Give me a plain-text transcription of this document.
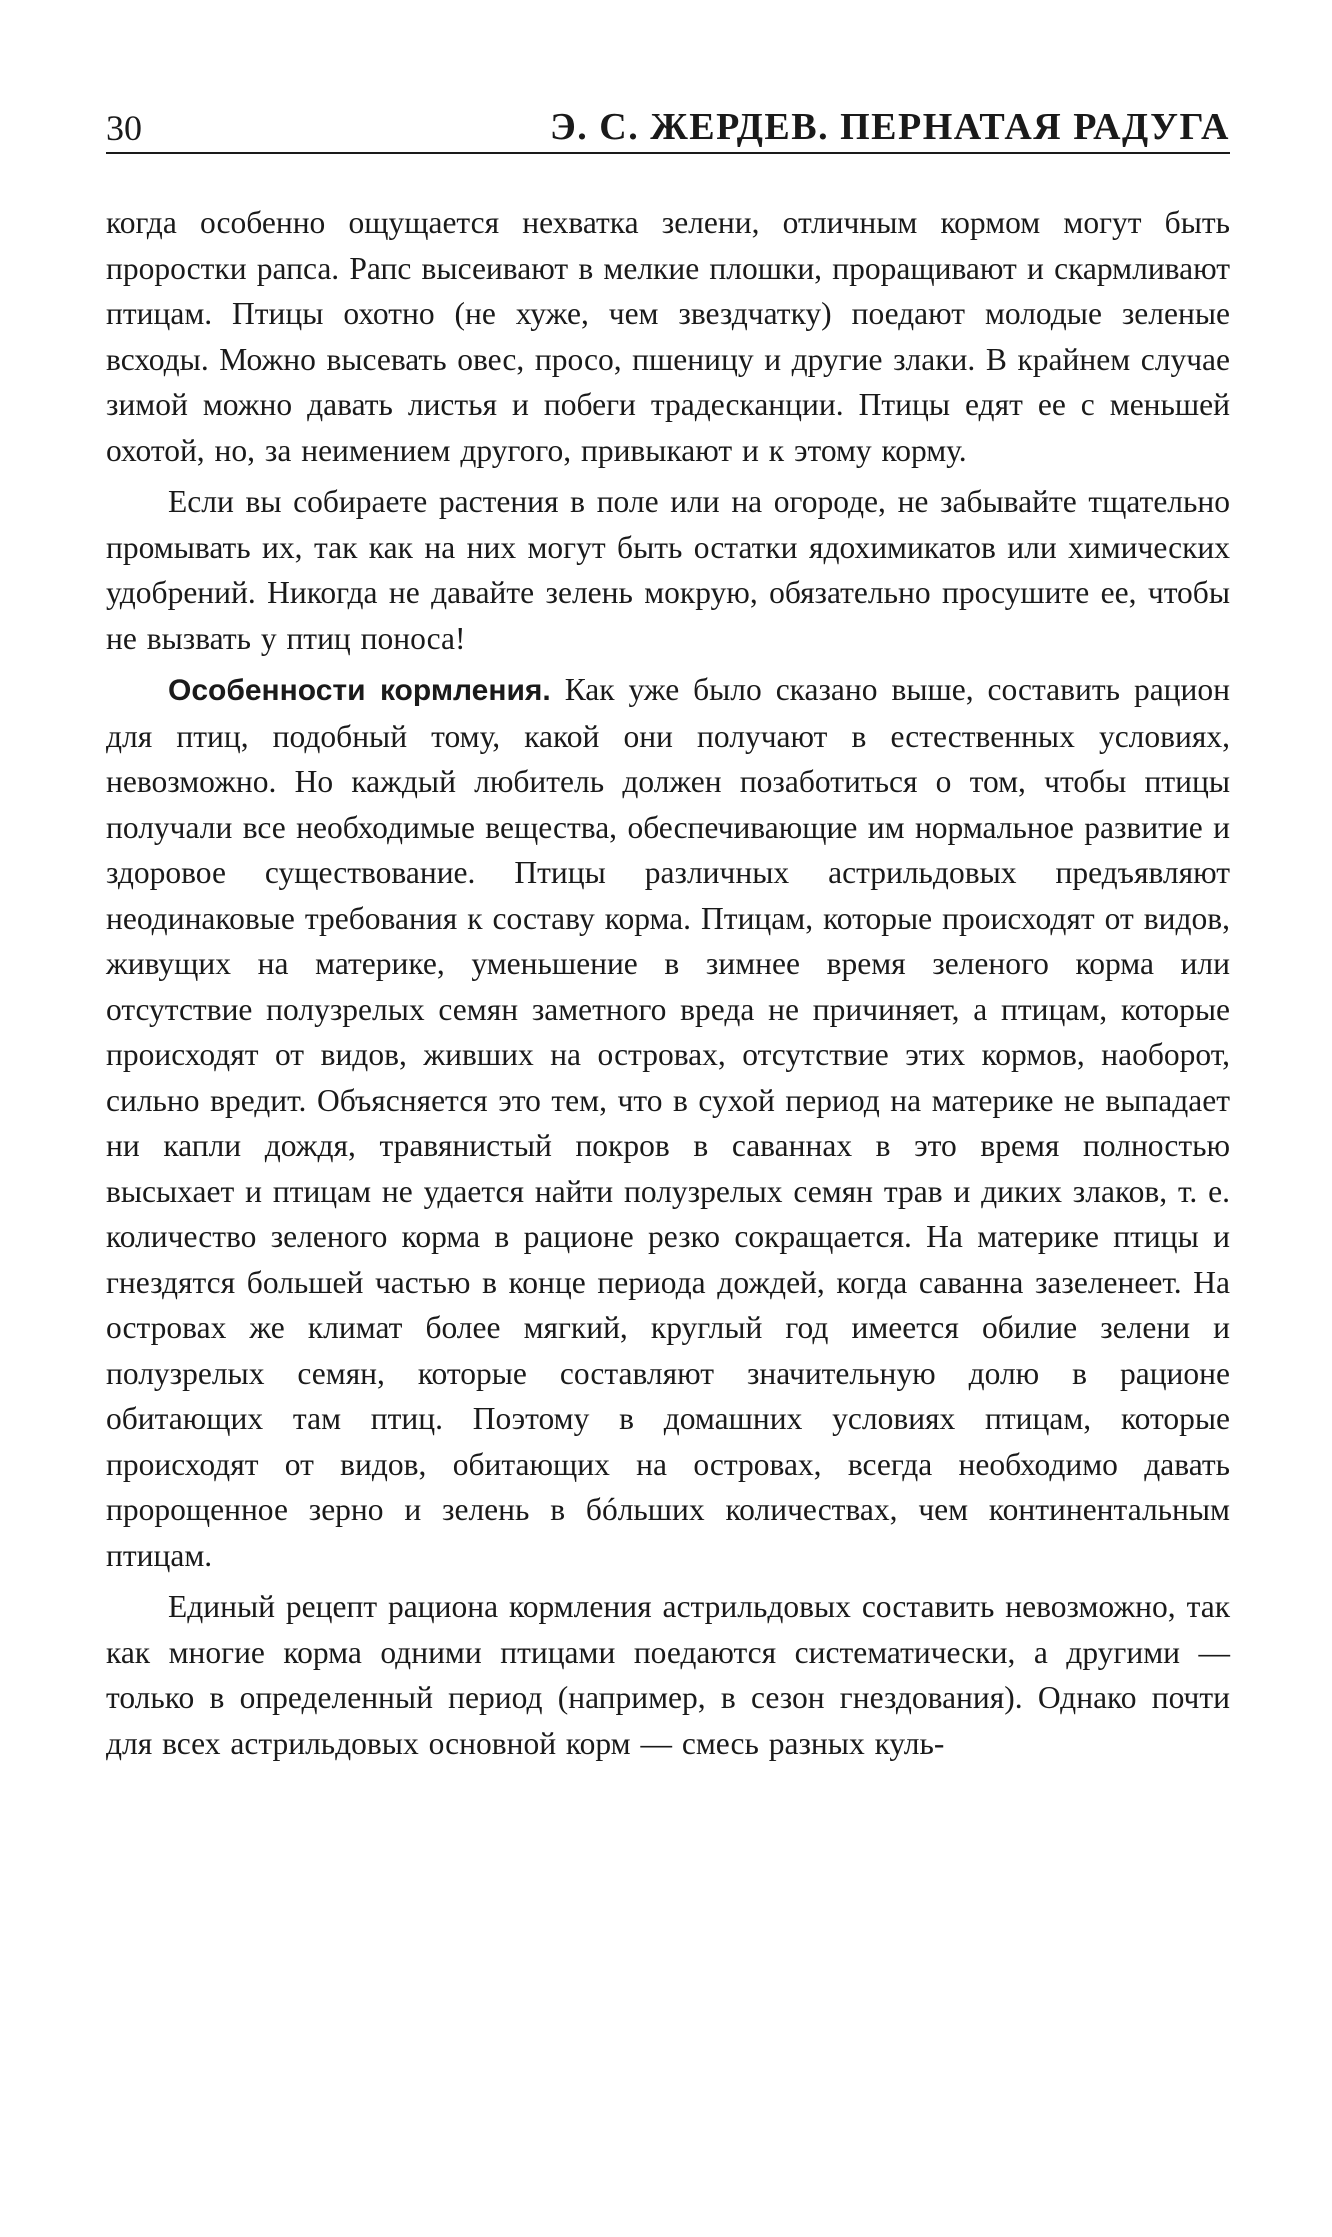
30	Э. С. ЖЕРДЕВ. ПЕРНАТАЯ РАДУГА

когда особенно ощущается нехватка зелени, отличным кормом могут быть проростки рапса. Рапс высеивают в мелкие плошки, проращивают и скармливают птицам. Птицы охотно (не хуже, чем звездчатку) поедают молодые зеленые всходы. Можно высевать овес, просо, пшеницу и другие злаки. В крайнем случае зимой можно давать листья и побеги традесканции. Птицы едят ее с меньшей охотой, но, за неимением другого, привыкают и к этому корму.

Если вы собираете растения в поле или на огороде, не забывайте тщательно промывать их, так как на них могут быть остатки ядохимикатов или химических удобрений. Никогда не давайте зелень мокрую, обязательно просушите ее, чтобы не вызвать у птиц поноса!

Особенности кормления. Как уже было сказано выше, составить рацион для птиц, подобный тому, какой они получают в естественных условиях, невозможно. Но каждый любитель должен позаботиться о том, чтобы птицы получали все необходимые вещества, обеспечивающие им нормальное развитие и здоровое существование. Птицы различных астрильдовых предъявляют неодинаковые требования к составу корма. Птицам, которые происходят от видов, живущих на материке, уменьшение в зимнее время зеленого корма или отсутствие полузрелых семян заметного вреда не причиняет, а птицам, которые происходят от видов, живших на островах, отсутствие этих кормов, наоборот, сильно вредит. Объясняется это тем, что в сухой период на материке не выпадает ни капли дождя, травянистый покров в саваннах в это время полностью высыхает и птицам не удается найти полузрелых семян трав и диких злаков, т. е. количество зеленого корма в рационе резко сокращается. На материке птицы и гнездятся большей частью в конце периода дождей, когда саванна зазеленеет. На островах же климат более мягкий, круглый год имеется обилие зелени и полузрелых семян, которые составляют значительную долю в рационе обитающих там птиц. Поэтому в домашних условиях птицам, которые происходят от видов, обитающих на островах, всегда необходимо давать пророщенное зерно и зелень в бóльших количествах, чем континентальным птицам.

Единый рецепт рациона кормления астрильдовых составить невозможно, так как многие корма одними птицами поедаются систематически, а другими — только в определенный период (например, в сезон гнездования). Однако почти для всех астрильдовых основной корм — смесь разных куль-
